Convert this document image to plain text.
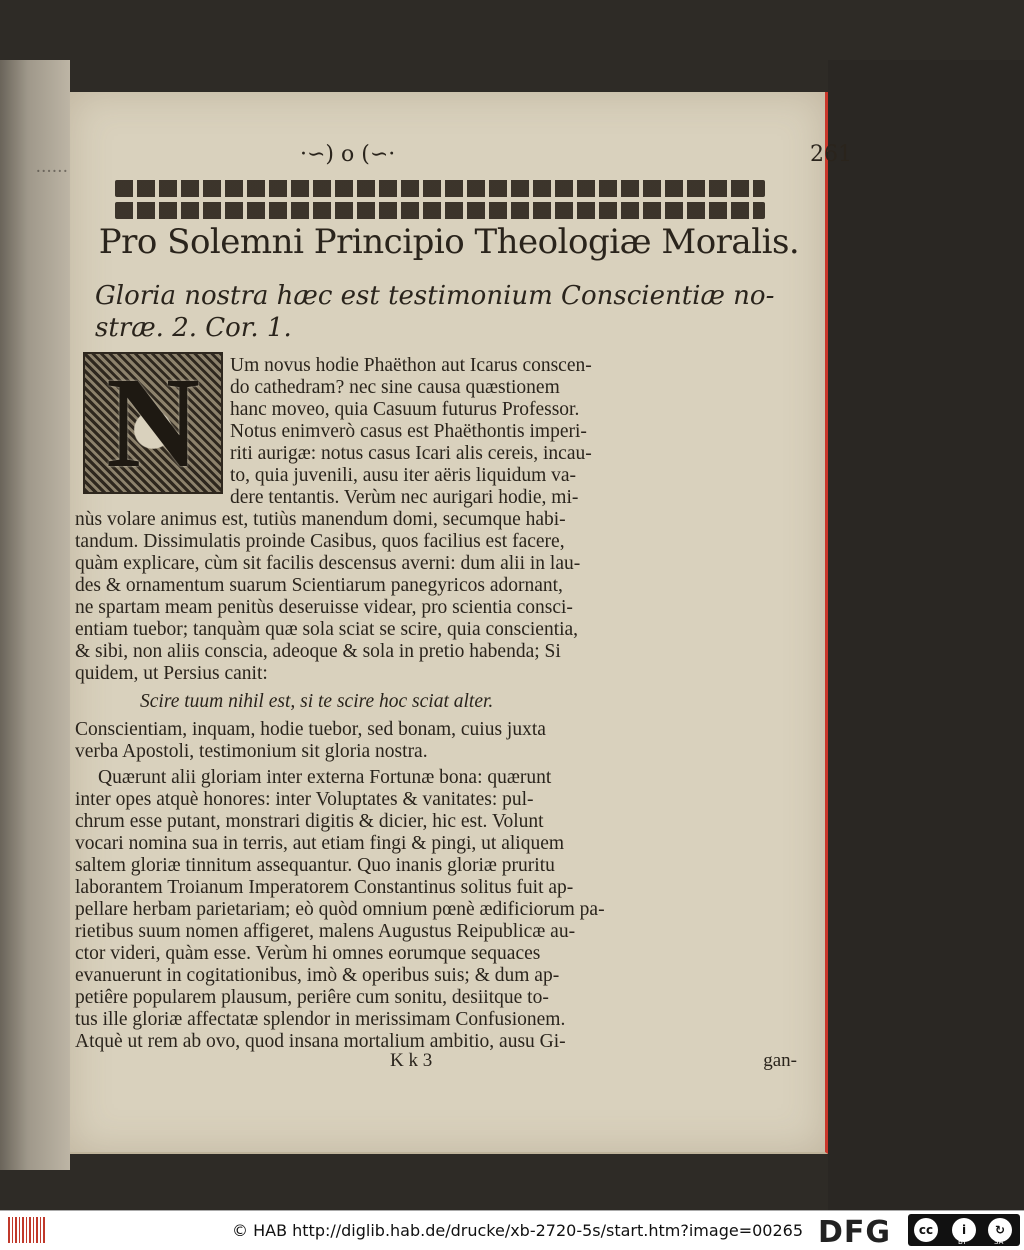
······
·∽) o (∽·	261
Pro Solemni Principio Theologiæ Moralis.
Gloria nostra hæc est testimonium Conscientiæ no-
stræ. 2. Cor. 1.
N Um novus hodie Phaëthon aut Icarus conscen-
do cathedram? nec sine causa quæstionem
hanc moveo, quia Casuum futurus Professor.
Notus enimverò casus est Phaëthontis imperi-
riti aurigæ: notus casus Icari alis cereis, incau-
to, quia juvenili, ausu iter aëris liquidum va-
dere tentantis. Verùm nec aurigari hodie, mi-
nùs volare animus est, tutiùs manendum domi, secumque habi-
tandum. Dissimulatis proinde Casibus, quos facilius est facere,
quàm explicare, cùm sit facilis descensus averni: dum alii in lau-
des & ornamentum suarum Scientiarum panegyricos adornant,
ne spartam meam penitùs deseruisse videar, pro scientia consci-
entiam tuebor; tanquàm quæ sola sciat se scire, quia conscientia,
& sibi, non aliis conscia, adeoque & sola in pretio habenda; Si
quidem, ut Persius canit:
Scire tuum nihil est, si te scire hoc sciat alter.
Conscientiam, inquam, hodie tuebor, sed bonam, cuius juxta
verba Apostoli, testimonium sit gloria nostra.
Quærunt alii gloriam inter externa Fortunæ bona: quærunt
inter opes atquè honores: inter Voluptates & vanitates: pul-
chrum esse putant, monstrari digitis & dicier, hic est. Volunt
vocari nomina sua in terris, aut etiam fingi & pingi, ut aliquem
saltem gloriæ tinnitum assequantur. Quo inanis gloriæ pruritu
laborantem Troianum Imperatorem Constantinus solitus fuit ap-
pellare herbam parietariam; eò quòd omnium pœnè ædificiorum pa-
rietibus suum nomen affigeret, malens Augustus Reipublicæ au-
ctor videri, quàm esse. Verùm hi omnes eorumque sequaces
evanuerunt in cogitationibus, imò & operibus suis; & dum ap-
petiêre popularem plausum, periêre cum sonitu, desiitque to-
tus ille gloriæ affectatæ splendor in merissimam Confusionem.
Atquè ut rem ab ovo, quod insana mortalium ambitio, ausu Gi-
K k 3	gan-
© HAB http://diglib.hab.de/drucke/xb-2720-5s/start.htm?image=00265 DFG	cc	i	↻
BY	SA
